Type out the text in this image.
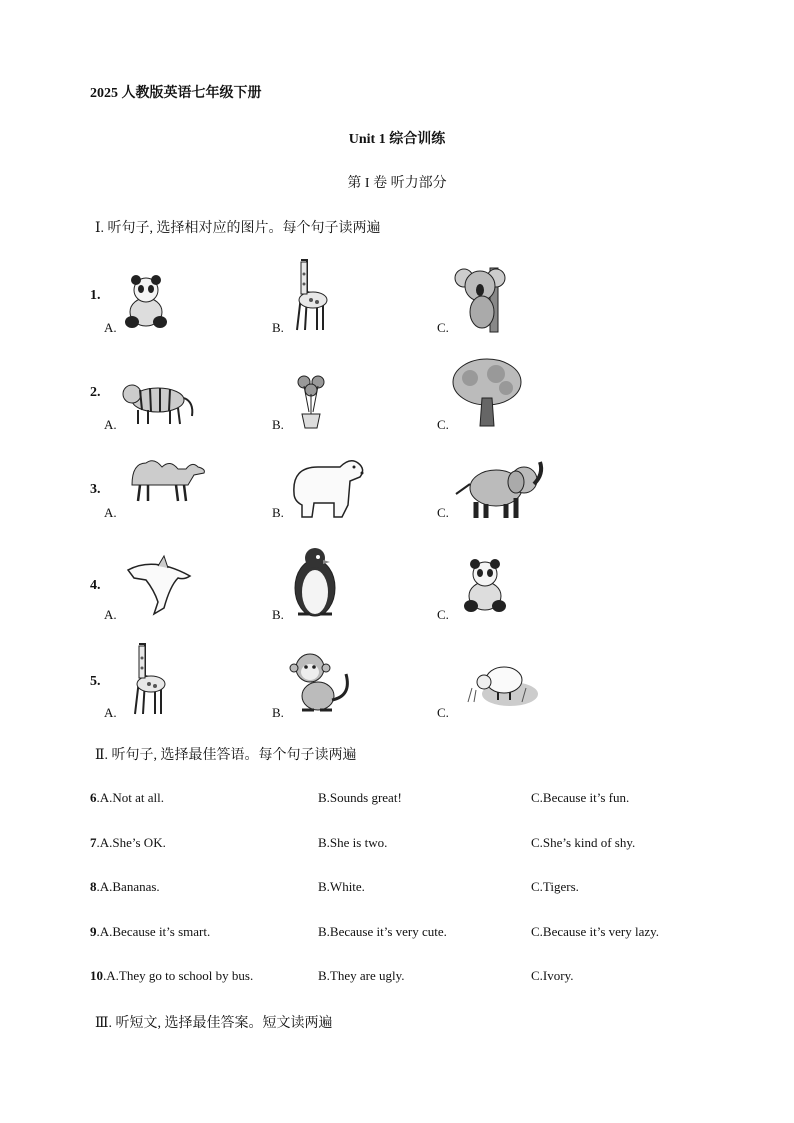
2025 人教版英语七年级下册
Unit 1 综合训练
第 I 卷 听力部分
Ⅰ. 听句子, 选择相对应的图片。每个句子读两遍
1.
A.	B.	C.
2.
A.	B.	C.
3.
A.	B.	C.
4.
A.	B.	C.
5.
A.	B.	C.
Ⅱ. 听句子, 选择最佳答语。每个句子读两遍
6.A.Not at all.	B.Sounds great!	C.Because it’s fun.
7.A.She’s OK.	B.She is two.	C.She’s kind of shy.
8.A.Bananas.	B.White.	C.Tigers.
9.A.Because it’s smart.	B.Because it’s very cute.	C.Because it’s very lazy.
10.A.They go to school by bus.	B.They are ugly.	C.Ivory.
Ⅲ. 听短文, 选择最佳答案。短文读两遍
